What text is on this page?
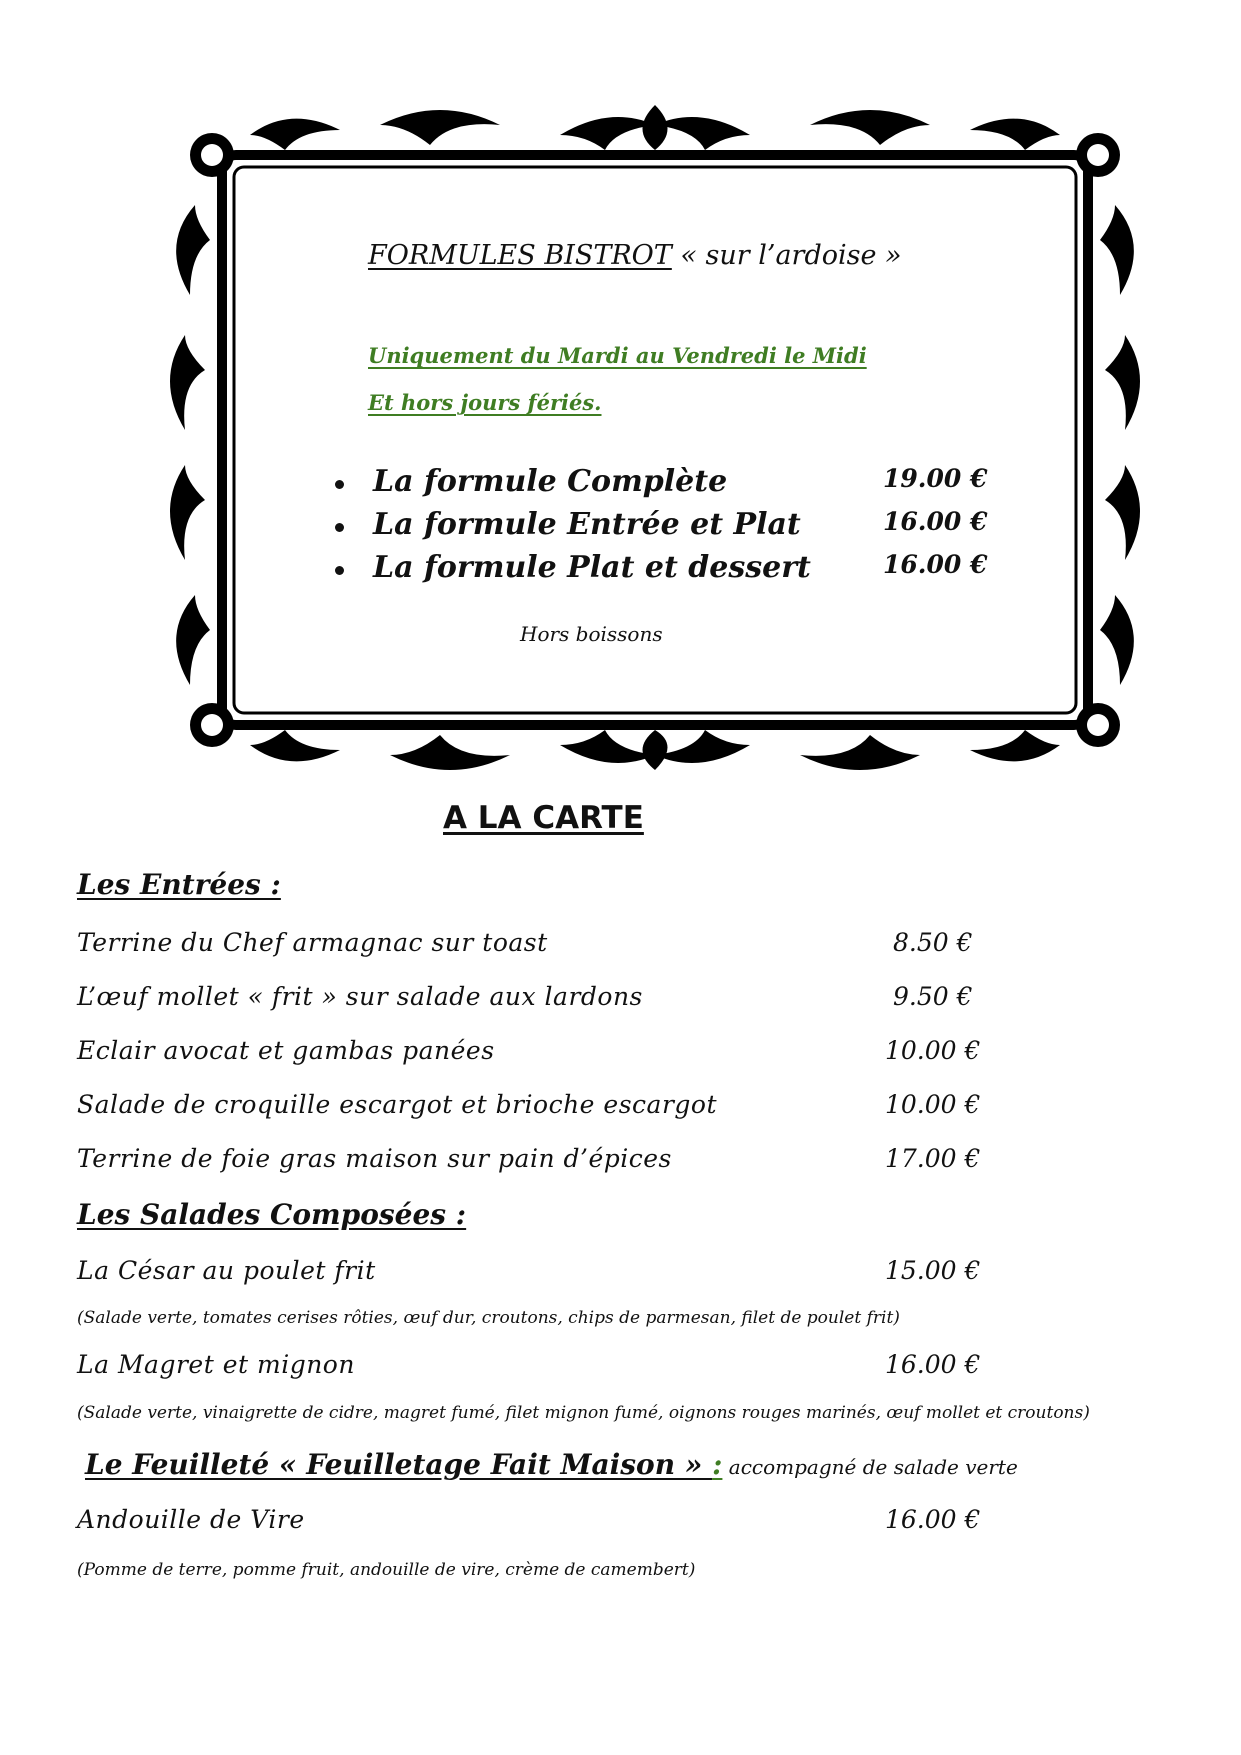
FORMULES BISTROT « sur l’ardoise »
Uniquement du Mardi au Vendredi le Midi
Et hors jours fériés.
La formule Complète	19.00 €
La formule Entrée et Plat	16.00 €
La formule Plat et dessert	16.00 €
Hors boissons
A LA CARTE
Les Entrées :
Terrine du Chef armagnac sur toast	8.50 €
L’œuf mollet « frit » sur salade aux lardons	9.50 €
Eclair avocat et gambas panées	10.00 €
Salade de croquille escargot et brioche escargot	10.00 €
Terrine de foie gras maison sur pain d’épices	17.00 €
Les Salades Composées :
La César au poulet frit	15.00 €
(Salade verte, tomates cerises rôties, œuf dur, croutons, chips de parmesan, filet de poulet frit)
La Magret et mignon	16.00 €
(Salade verte, vinaigrette de cidre, magret fumé, filet mignon fumé, oignons rouges marinés, œuf mollet et croutons)
Le Feuilleté « Feuilletage Fait Maison » : accompagné de salade verte
Andouille de Vire	16.00 €
(Pomme de terre, pomme fruit, andouille de vire, crème de camembert)
